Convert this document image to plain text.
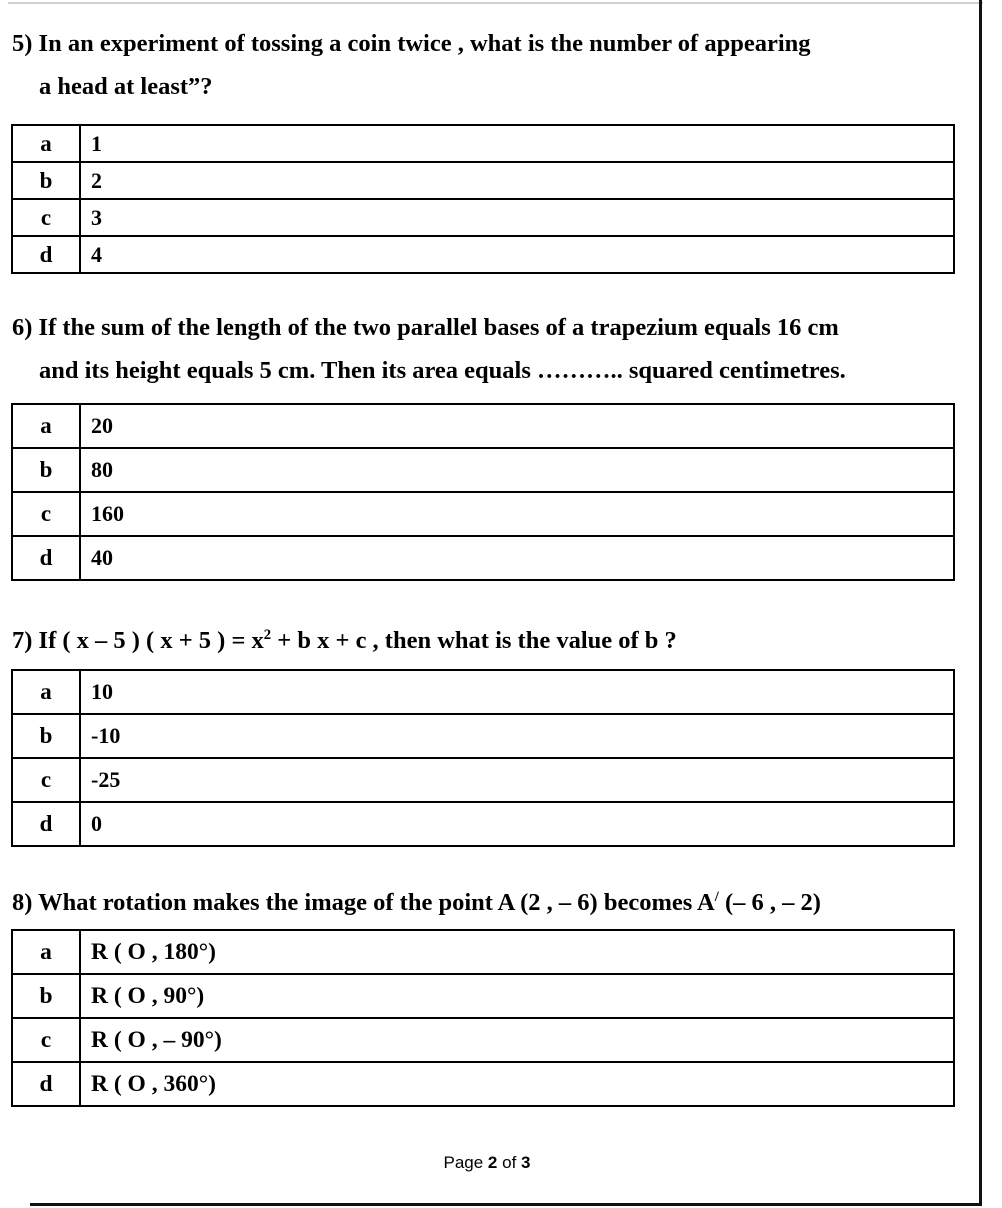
5) In an experiment of tossing a coin twice , what is the number of appearing
a head at least”?
a	1
b	2
c	3
d	4
6) If the sum of the length of the two parallel bases of a trapezium equals 16 cm
and its height equals 5 cm. Then its area equals ……….. squared centimetres.
a	20
b	80
c	160
d	40
7) If ( x – 5 ) ( x + 5 ) = $x^2 + b$ x + c , then what is the value of b ?
a	10
b	-10
c	-25
d	0
8) What rotation makes the image of the point A (2 , – 6) becomes A/ (– 6 , – 2)
a	R ( O , 180°)
b	R ( O , 90°)
c	R ( O , – 90°)
d	R ( O , 360°)
Page 2 of 3
